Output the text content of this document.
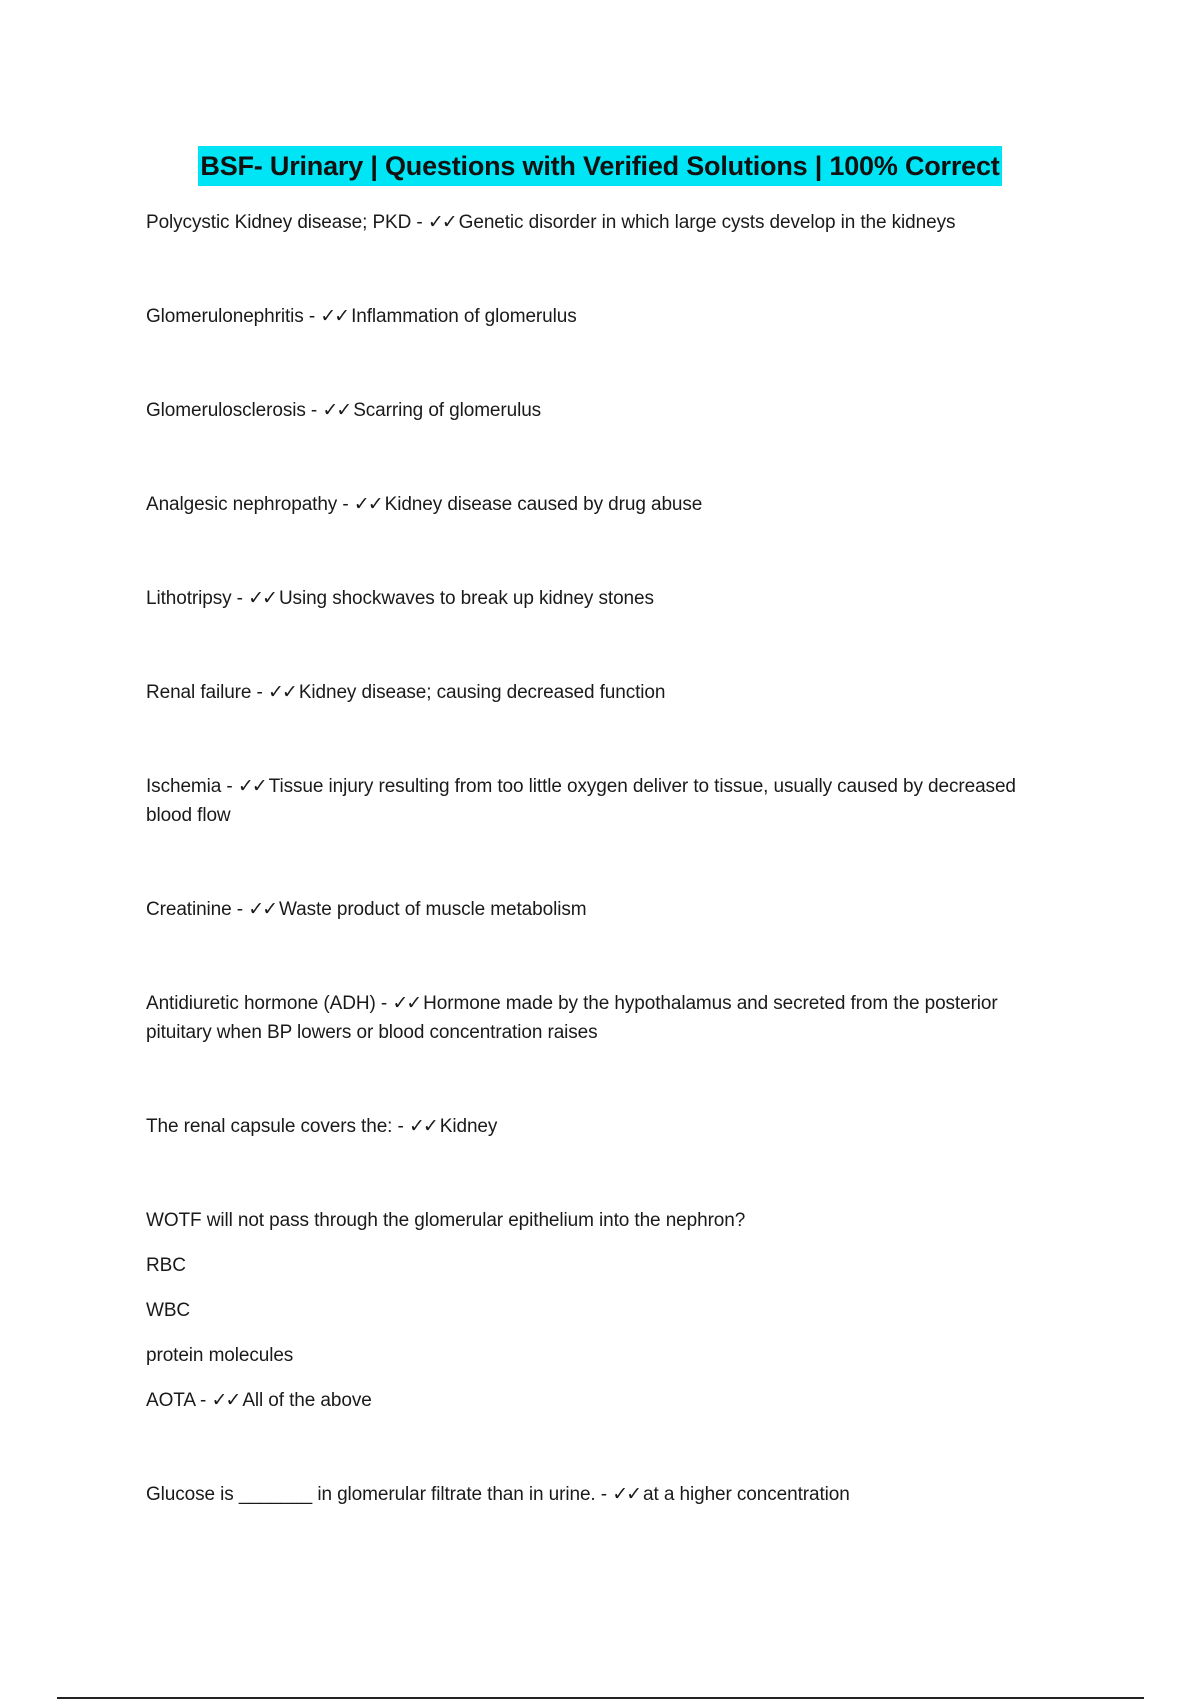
BSF- Urinary | Questions with Verified Solutions | 100% Correct
Polycystic Kidney disease; PKD - ✓✓ Genetic disorder in which large cysts develop in the kidneys
Glomerulonephritis - ✓✓ Inflammation of glomerulus
Glomerulosclerosis - ✓✓ Scarring of glomerulus
Analgesic nephropathy - ✓✓ Kidney disease caused by drug abuse
Lithotripsy - ✓✓ Using shockwaves to break up kidney stones
Renal failure - ✓✓ Kidney disease; causing decreased function
Ischemia - ✓✓ Tissue injury resulting from too little oxygen deliver to tissue, usually caused by decreased blood flow
Creatinine - ✓✓ Waste product of muscle metabolism
Antidiuretic hormone (ADH) - ✓✓ Hormone made by the hypothalamus and secreted from the posterior pituitary when BP lowers or blood concentration raises
The renal capsule covers the: - ✓✓ Kidney
WOTF will not pass through the glomerular epithelium into the nephron?
RBC
WBC
protein molecules
AOTA - ✓✓ All of the above
Glucose is _______ in glomerular filtrate than in urine. - ✓✓ at a higher concentration
